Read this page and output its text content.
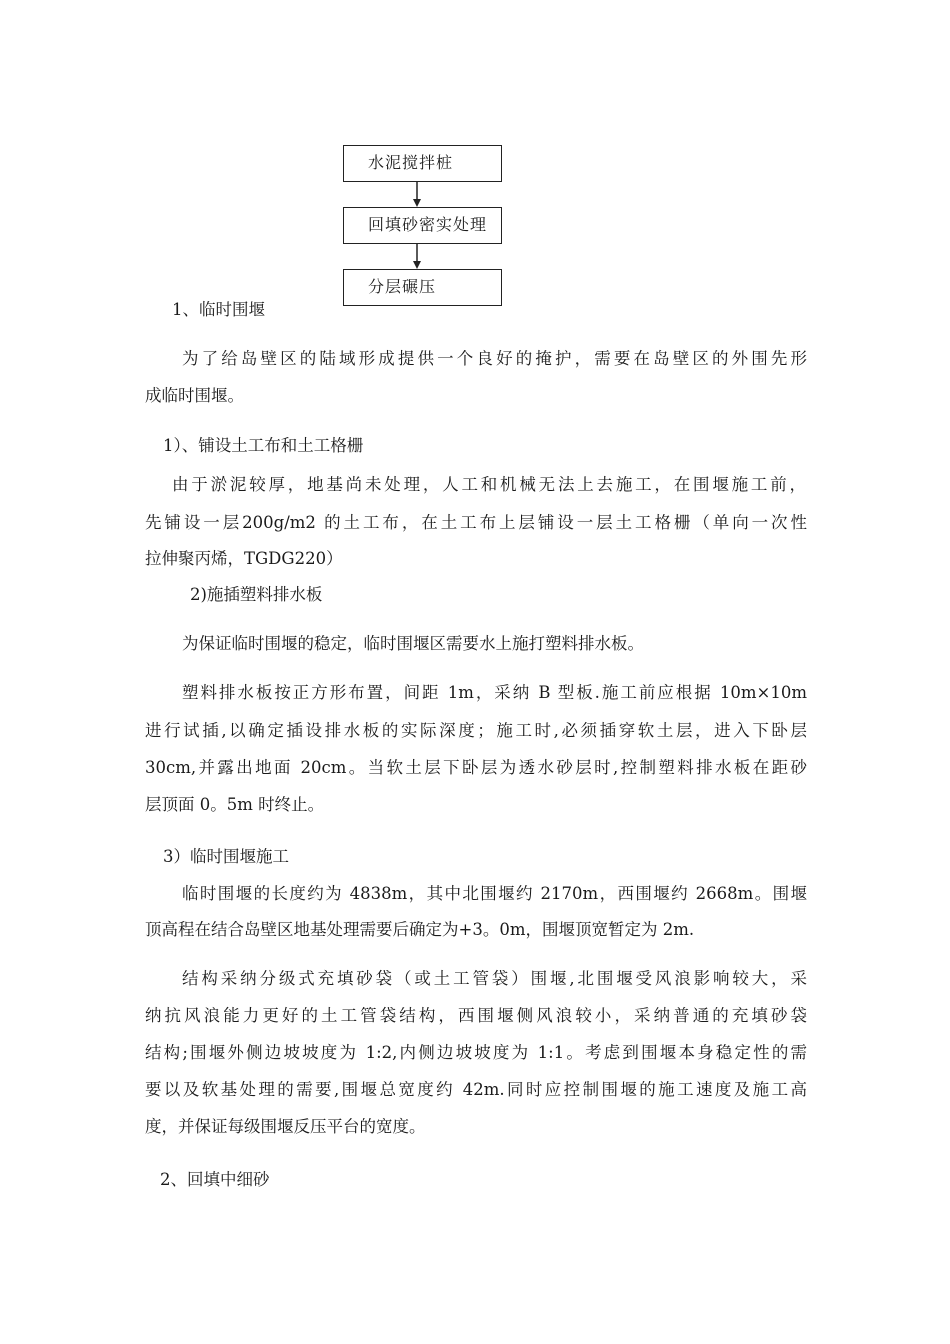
水泥搅拌桩
回填砂密实处理
分层碾压
1、临时围堰
为了给岛壁区的陆域形成提供一个良好的掩护，需要在岛壁区的外围先形
成临时围堰。
1）、铺设土工布和土工格栅
由于淤泥较厚，地基尚未处理，人工和机械无法上去施工，在围堰施工前，
先铺设一层200g/m2 的土工布，在土工布上层铺设一层土工格栅（单向一次性
拉伸聚丙烯，TGDG220）
2)施插塑料排水板
为保证临时围堰的稳定，临时围堰区需要水上施打塑料排水板。
塑料排水板按正方形布置，间距 1m，采纳 B 型板.施工前应根据 10m×10m
进行试插,以确定插设排水板的实际深度；施工时,必须插穿软土层，进入下卧层
30cm,并露出地面 20cm。当软土层下卧层为透水砂层时,控制塑料排水板在距砂
层顶面 0。5m 时终止。
3）临时围堰施工
临时围堰的长度约为 4838m，其中北围堰约 2170m，西围堰约 2668m。围堰
顶高程在结合岛壁区地基处理需要后确定为+3。0m，围堰顶宽暂定为 2m.
结构采纳分级式充填砂袋（或土工管袋）围堰,北围堰受风浪影响较大，采
纳抗风浪能力更好的土工管袋结构，西围堰侧风浪较小，采纳普通的充填砂袋
结构;围堰外侧边坡坡度为 1:2,内侧边坡坡度为 1:1。考虑到围堰本身稳定性的需
要以及软基处理的需要,围堰总宽度约 42m.同时应控制围堰的施工速度及施工高
度，并保证每级围堰反压平台的宽度。
2、回填中细砂
